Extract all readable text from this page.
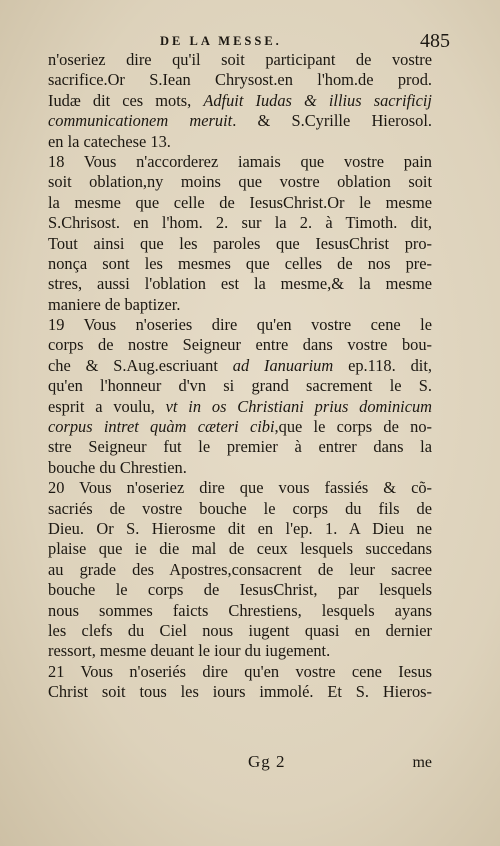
DE LA MESSE.	485
n'oseriez dire qu'il soit participant de vostre
sacrifice.Or S.Iean Chrysost.en l'hom.de prod.
Iudæ dit ces mots, Adfuit Iudas & illius sacrificij
communicationem meruit. & S.Cyrille Hierosol.
en la catechese 13.
18 Vous n'accorderez iamais que vostre pain
soit oblation,ny moins que vostre oblation soit
la mesme que celle de IesusChrist.Or le mesme
S.Chrisost. en l'hom. 2. sur la 2. à Timoth. dit,
Tout ainsi que les paroles que IesusChrist pro-
nonça sont les mesmes que celles de nos pre-
stres, aussi l'oblation est la mesme,& la mesme
maniere de baptizer.
19 Vous n'oseries dire qu'en vostre cene le
corps de nostre Seigneur entre dans vostre bou-
che & S.Aug.escriuant ad Ianuarium ep.118. dit,
qu'en l'honneur d'vn si grand sacrement le S.
esprit a voulu, vt in os Christiani prius dominicum
corpus intret quàm cæteri cibi,que le corps de no-
stre Seigneur fut le premier à entrer dans la
bouche du Chrestien.
20 Vous n'oseriez dire que vous fassiés & cõ-
sacriés de vostre bouche le corps du fils de
Dieu. Or S. Hierosme dit en l'ep. 1. A Dieu ne
plaise que ie die mal de ceux lesquels succedans
au grade des Apostres,consacrent de leur sacree
bouche le corps de IesusChrist, par lesquels
nous sommes faicts Chrestiens, lesquels ayans
les clefs du Ciel nous iugent quasi en dernier
ressort, mesme deuant le iour du iugement.
21 Vous n'oseriés dire qu'en vostre cene Iesus
Christ soit tous les iours immolé. Et S. Hieros-
Gg 2	me
